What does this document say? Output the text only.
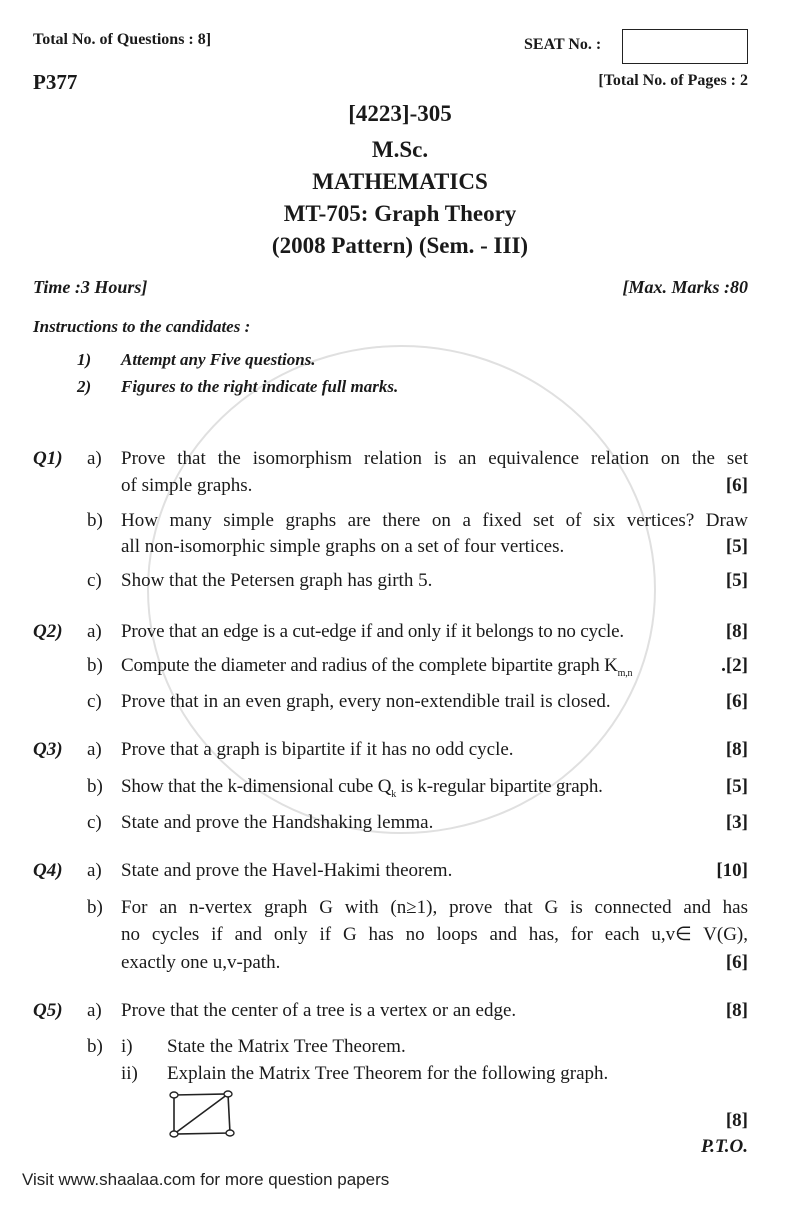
Total No. of Questions : 8]	SEAT No. :
P377	[Total No. of Pages : 2
[4223]-305
M.Sc.
MATHEMATICS
MT-705: Graph Theory
(2008 Pattern) (Sem. - III)
Time :3 Hours]	[Max. Marks :80
Instructions to the candidates :
1) Attempt any Five questions.
2) Figures to the right indicate full marks.
Q1) a) Prove that the isomorphism relation is an equivalence relation on the set
of simple graphs.	[6]
b) How many simple graphs are there on a fixed set of six vertices? Draw
all non-isomorphic simple graphs on a set of four vertices.	[5]
c) Show that the Petersen graph has girth 5.	[5]
Q2) a) Prove that an edge is a cut-edge if and only if it belongs to no cycle.	[8]
b) Compute the diameter and radius of the complete bipartite graph $K_{m,n}$	.[2]
c) Prove that in an even graph, every non-extendible trail is closed.	[6]
Q3) a) Prove that a graph is bipartite if it has no odd cycle.	[8]
b) Show that the k-dimensional cube $Q_k$ is k-regular bipartite graph.	[5]
c) State and prove the Handshaking lemma.	[3]
Q4) a) State and prove the Havel-Hakimi theorem.	[10]
b) For an n-vertex graph G with (n≥1), prove that G is connected and has
no cycles if and only if G has no loops and has, for each u,v∈ V(G),
exactly one u,v-path.	[6]
Q5) a) Prove that the center of a tree is a vertex or an edge.	[8]
b) i) State the Matrix Tree Theorem.
ii) Explain the Matrix Tree Theorem for the following graph.
[8]
P.T.O.
Visit www.shaalaa.com for more question papers
